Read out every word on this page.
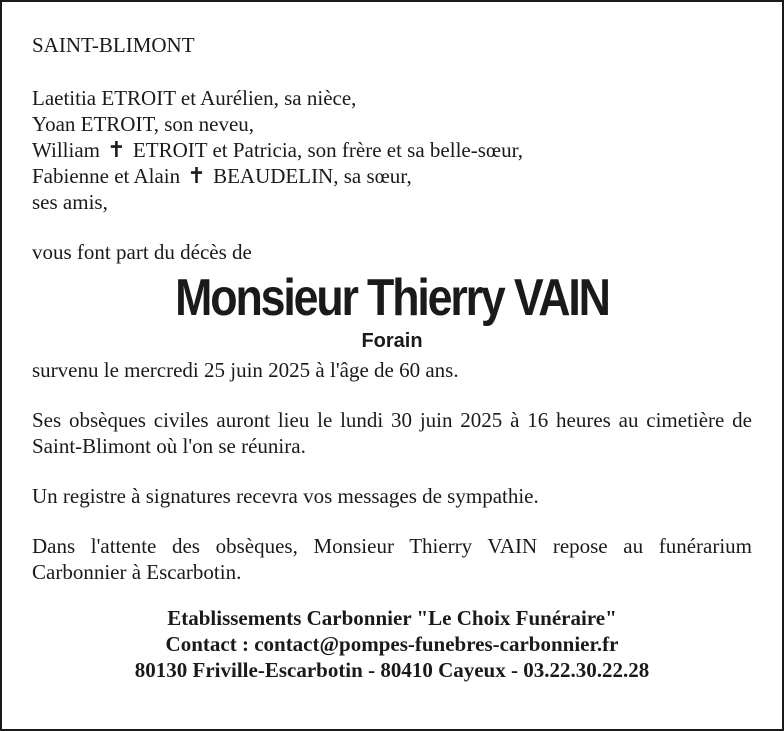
SAINT-BLIMONT

Laetitia ETROIT et Aurélien, sa nièce,
Yoan ETROIT, son neveu,
William ✝ ETROIT et Patricia, son frère et sa belle-sœur,
Fabienne et Alain ✝ BEAUDELIN, sa sœur,
ses amis,

vous font part du décès de

Monsieur Thierry VAIN

Forain

survenu le mercredi 25 juin 2025 à l'âge de 60 ans.

Ses obsèques civiles auront lieu le lundi 30 juin 2025 à 16 heures au cimetière de Saint-Blimont où l'on se réunira.

Un registre à signatures recevra vos messages de sympathie.

Dans l'attente des obsèques, Monsieur Thierry VAIN repose au funérarium Carbonnier à Escarbotin.

Etablissements Carbonnier "Le Choix Funéraire"
Contact : contact@pompes-funebres-carbonnier.fr
80130 Friville-Escarbotin - 80410 Cayeux - 03.22.30.22.28
